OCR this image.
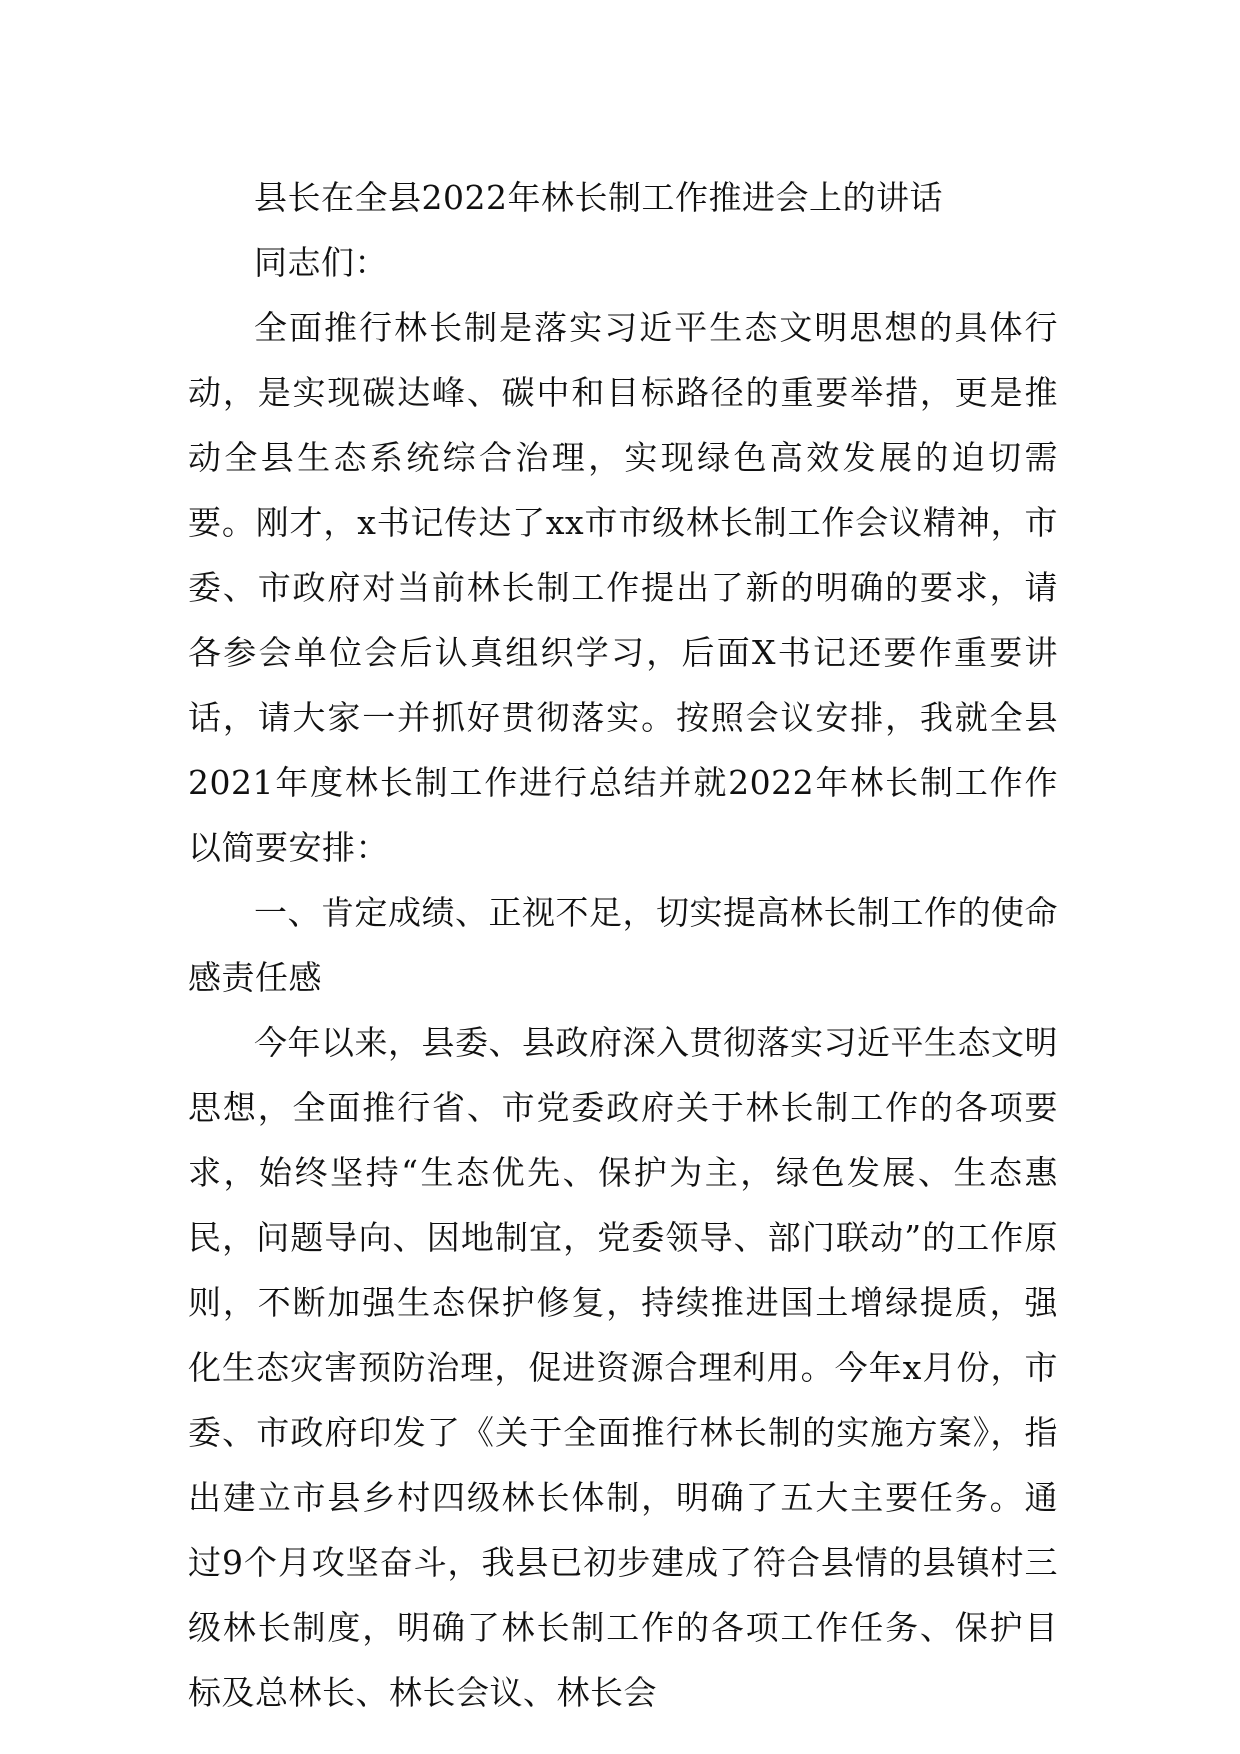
县长在全县2022年林长制工作推进会上的讲话

同志们：

全面推行林长制是落实习近平生态文明思想的具体行动，是实现碳达峰、碳中和目标路径的重要举措，更是推动全县生态系统综合治理，实现绿色高效发展的迫切需要。刚才，x书记传达了xx市市级林长制工作会议精神，市委、市政府对当前林长制工作提出了新的明确的要求，请各参会单位会后认真组织学习，后面X书记还要作重要讲话，请大家一并抓好贯彻落实。按照会议安排，我就全县2021年度林长制工作进行总结并就2022年林长制工作作以简要安排：

一、肯定成绩、正视不足，切实提高林长制工作的使命感责任感

今年以来，县委、县政府深入贯彻落实习近平生态文明思想，全面推行省、市党委政府关于林长制工作的各项要求，始终坚持“生态优先、保护为主，绿色发展、生态惠民，问题导向、因地制宜，党委领导、部门联动”的工作原则，不断加强生态保护修复，持续推进国土增绿提质，强化生态灾害预防治理，促进资源合理利用。今年x月份，市委、市政府印发了《关于全面推行林长制的实施方案》，指出建立市县乡村四级林长体制，明确了五大主要任务。通过9个月攻坚奋斗，我县已初步建成了符合县情的县镇村三级林长制度，明确了林长制工作的各项工作任务、保护目标及总林长、林长会议、林长会
